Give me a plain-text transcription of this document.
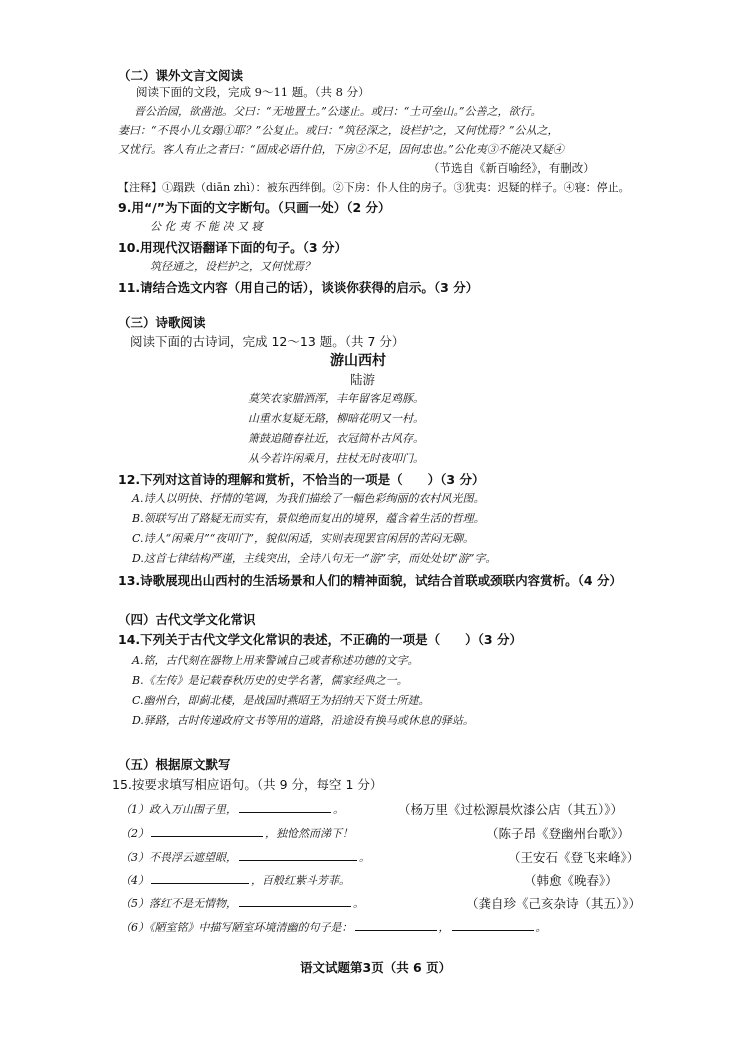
（二）课外文言文阅读
阅读下面的文段，完成 9～11 题。（共 8 分）
晋公治园，欲凿池。父曰：“无地置土。”公遂止。或曰：“土可垒山。”公善之，欲行。
妻曰：“不畏小儿女蹋①耶？”公复止。或曰：“筑径深之，设栏护之，又何忧焉？”公从之，
又忧行。客人有止之者曰：“固成必语什伯，下房②不足，因何忠也。”公化夷③不能决又疑④
（节选自《新百喻经》，有删改）
【注释】①蹋跌（diān zhì）：被东西绊倒。②下房：仆人住的房子。③犹夷：迟疑的样子。④寝：停止。
9.用“/”为下面的文字断句。（只画一处）（2 分）
公 化 夷 不 能 决 又 寝
10.用现代汉语翻译下面的句子。（3 分）
筑径通之，设栏护之，又何忧焉？
11.请结合选文内容（用自己的话），谈谈你获得的启示。（3 分）
（三）诗歌阅读
阅读下面的古诗词，完成 12～13 题。（共 7 分）
游山西村
陆游
莫笑农家腊酒浑，丰年留客足鸡豚。
山重水复疑无路，柳暗花明又一村。
箫鼓追随春社近，衣冠简朴古风存。
从今若许闲乘月，拄杖无时夜叩门。
12.下列对这首诗的理解和赏析，不恰当的一项是（　　）（3 分）
A.诗人以明快、抒情的笔调，为我们描绘了一幅色彩绚丽的农村风光图。
B.领联写出了路疑无而实有，景似绝而复出的境界，蕴含着生活的哲理。
C.诗人“闲乘月”“夜叩门”，貌似闲适，实则表现罢官闲居的苦闷无聊。
D.这首七律结构严谨，主线突出，全诗八句无一“游”字，而处处切“游”字。
13.诗歌展现出山西村的生活场景和人们的精神面貌，试结合首联或颈联内容赏析。（4 分）
（四）古代文学文化常识
14.下列关于古代文学文化常识的表述，不正确的一项是（　　）（3 分）
A.铭，古代刻在器物上用来警诫自己或者称述功德的文字。
B.《左传》是记载春秋历史的史学名著，儒家经典之一。
C.幽州台，即蓟北楼，是战国时燕昭王为招纳天下贤士所建。
D.驿路，古时传递政府文书等用的道路，沿途设有换马或休息的驿站。
（五）根据原文默写
15.按要求填写相应语句。（共 9 分，每空 1 分）
（1）政入万山围子里，	。	（杨万里《过松源晨炊漆公店（其五）》）
（2）	，独怆然而涕下！	（陈子昂《登幽州台歌》）
（3）不畏浮云遮望眼，	。	（王安石《登飞来峰》）
（4）	，百般红紫斗芳菲。	（韩愈《晚春》）
（5）落红不是无情物，	。	（龚自珍《己亥杂诗（其五）》）
（6）《陋室铭》中描写陋室环境清幽的句子是：	，	。
语文试题第3页（共 6 页）
